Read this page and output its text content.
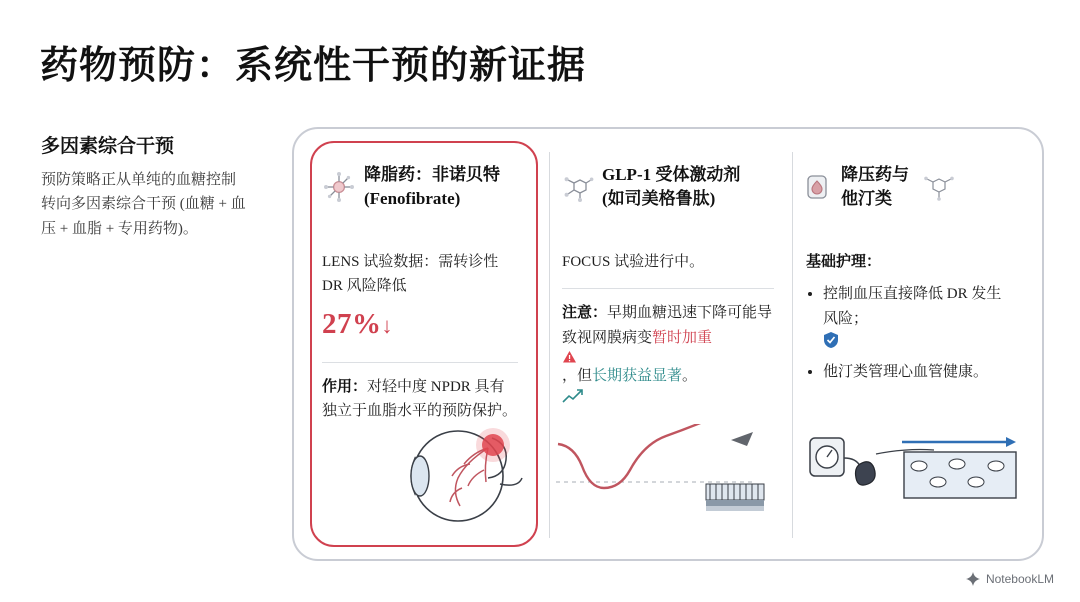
药物预防：系统性干预的新证据
多因素综合干预
预防策略正从单纯的血糖控制转向多因素综合干预 (血糖 + 血压 + 血脂 + 专用药物)。
降脂药：非诺贝特
(Fenofibrate)
GLP-1 受体激动剂
(如司美格鲁肽)
降压药与
他汀类
LENS 试验数据：需转诊性 DR 风险降低
27%↓
作用：对轻中度 NPDR 具有独立于血脂水平的预防保护。
FOCUS 试验进行中。
注意：早期血糖迅速下降可能导致视网膜病变暂时加重
，但长期获益显著。
基础护理：
• 控制血压直接降低 DR 发生风险；
• 他汀类管理心血管健康。
NotebookLM
